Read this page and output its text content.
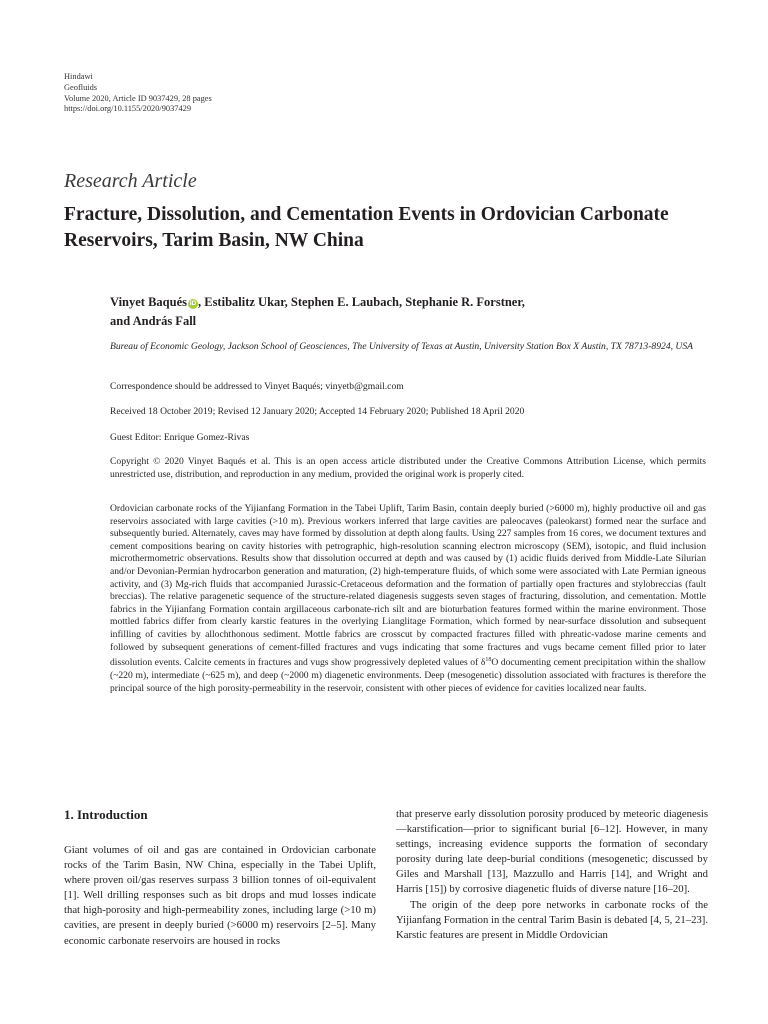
Hindawi
Geofluids
Volume 2020, Article ID 9037429, 28 pages
https://doi.org/10.1155/2020/9037429
Research Article
Fracture, Dissolution, and Cementation Events in Ordovician Carbonate Reservoirs, Tarim Basin, NW China
Vinyet Baqués iD , Estibalitz Ukar, Stephen E. Laubach, Stephanie R. Forstner,
and András Fall
Bureau of Economic Geology, Jackson School of Geosciences, The University of Texas at Austin, University Station Box X Austin, TX 78713-8924, USA
Correspondence should be addressed to Vinyet Baqués; vinyetb@gmail.com
Received 18 October 2019; Revised 12 January 2020; Accepted 14 February 2020; Published 18 April 2020
Guest Editor: Enrique Gomez-Rivas
Copyright © 2020 Vinyet Baqués et al. This is an open access article distributed under the Creative Commons Attribution License, which permits unrestricted use, distribution, and reproduction in any medium, provided the original work is properly cited.
Ordovician carbonate rocks of the Yijianfang Formation in the Tabei Uplift, Tarim Basin, contain deeply buried (>6000 m), highly productive oil and gas reservoirs associated with large cavities (>10 m). Previous workers inferred that large cavities are paleocaves (paleokarst) formed near the surface and subsequently buried. Alternately, caves may have formed by dissolution at depth along faults. Using 227 samples from 16 cores, we document textures and cement compositions bearing on cavity histories with petrographic, high-resolution scanning electron microscopy (SEM), isotopic, and fluid inclusion microthermometric observations. Results show that dissolution occurred at depth and was caused by (1) acidic fluids derived from Middle-Late Silurian and/or Devonian-Permian hydrocarbon generation and maturation, (2) high-temperature fluids, of which some were associated with Late Permian igneous activity, and (3) Mg-rich fluids that accompanied Jurassic-Cretaceous deformation and the formation of partially open fractures and stylobreccias (fault breccias). The relative paragenetic sequence of the structure-related diagenesis suggests seven stages of fracturing, dissolution, and cementation. Mottle fabrics in the Yijianfang Formation contain argillaceous carbonate-rich silt and are bioturbation features formed within the marine environment. Those mottled fabrics differ from clearly karstic features in the overlying Lianglitage Formation, which formed by near-surface dissolution and subsequent infilling of cavities by allochthonous sediment. Mottle fabrics are crosscut by compacted fractures filled with phreatic-vadose marine cements and followed by subsequent generations of cement-filled fractures and vugs indicating that some fractures and vugs became cement filled prior to later dissolution events. Calcite cements in fractures and vugs show progressively depleted values of $\delta^{18}O$ documenting cement precipitation within the shallow (~220 m), intermediate (~625 m), and deep (~2000 m) diagenetic environments. Deep (mesogenetic) dissolution associated with fractures is therefore the principal source of the high porosity-permeability in the reservoir, consistent with other pieces of evidence for cavities localized near faults.
1. Introduction

Giant volumes of oil and gas are contained in Ordovician carbonate rocks of the Tarim Basin, NW China, especially in the Tabei Uplift, where proven oil/gas reserves surpass 3 billion tonnes of oil-equivalent [1]. Well drilling responses such as bit drops and mud losses indicate that high-porosity and high-permeability zones, including large (>10 m) cavities, are present in deeply buried (>6000 m) reservoirs [2–5]. Many economic carbonate reservoirs are housed in rocks

that preserve early dissolution porosity produced by meteoric diagenesis—karstification—prior to significant burial [6–12]. However, in many settings, increasing evidence supports the formation of secondary porosity during late deep-burial conditions (mesogenetic; discussed by Giles and Marshall [13], Mazzullo and Harris [14], and Wright and Harris [15]) by corrosive diagenetic fluids of diverse nature [16–20].

The origin of the deep pore networks in carbonate rocks of the Yijianfang Formation in the central Tarim Basin is debated [4, 5, 21–23]. Karstic features are present in Middle Ordovician
